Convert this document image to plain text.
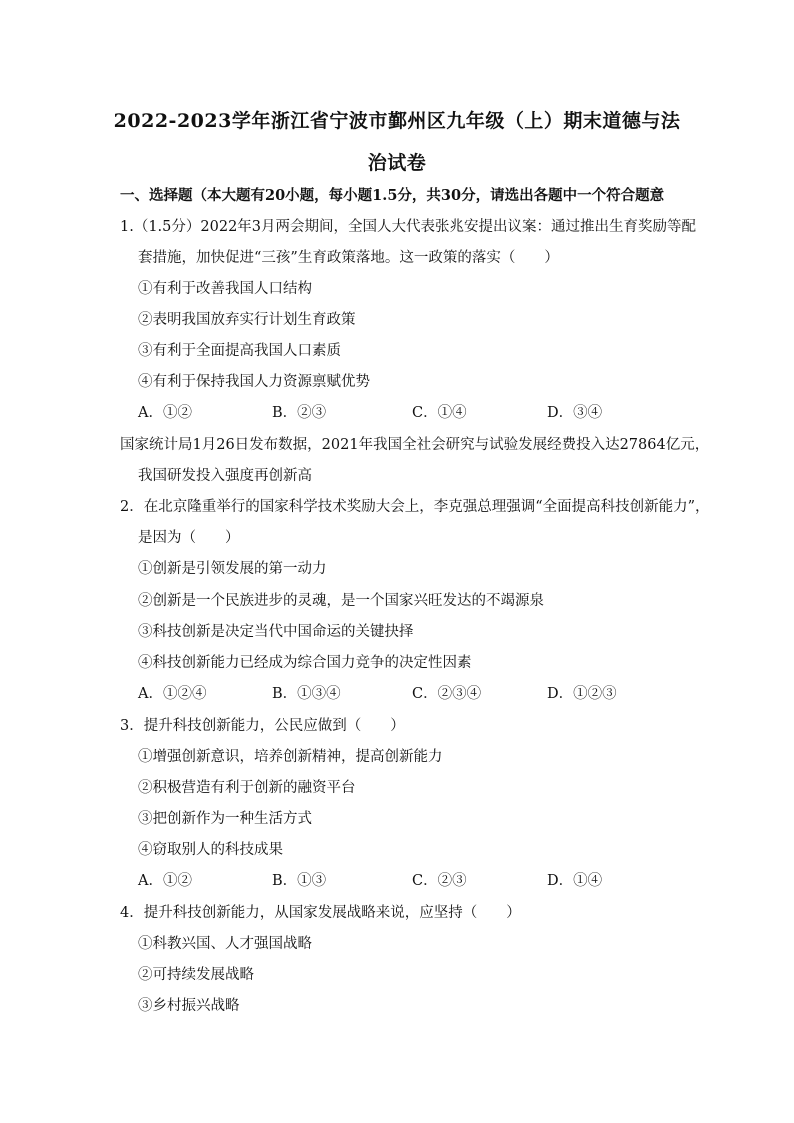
2022-2023学年浙江省宁波市鄞州区九年级（上）期末道德与法
治试卷
一、选择题（本大题有20小题，每小题1.5分，共30分，请选出各题中一个符合题意
1.（1.5分）2022年3月两会期间，全国人大代表张兆安提出议案：通过推出生育奖励等配
套措施，加快促进“三孩”生育政策落地。这一政策的落实（　　）
①有利于改善我国人口结构
②表明我国放弃实行计划生育政策
③有利于全面提高我国人口素质
④有利于保持我国人力资源禀赋优势
A．①②	B．②③	C．①④	D．③④
国家统计局1月26日发布数据，2021年我国全社会研究与试验发展经费投入达27864亿元，
我国研发投入强度再创新高
2．在北京隆重举行的国家科学技术奖励大会上，李克强总理强调“全面提高科技创新能力”，
是因为（　　）
①创新是引领发展的第一动力
②创新是一个民族进步的灵魂，是一个国家兴旺发达的不竭源泉
③科技创新是决定当代中国命运的关键抉择
④科技创新能力已经成为综合国力竞争的决定性因素
A．①②④	B．①③④	C．②③④	D．①②③
3．提升科技创新能力，公民应做到（　　）
①增强创新意识，培养创新精神，提高创新能力
②积极营造有利于创新的融资平台
③把创新作为一种生活方式
④窃取别人的科技成果
A．①②	B．①③	C．②③	D．①④
4．提升科技创新能力，从国家发展战略来说，应坚持（　　）
①科教兴国、人才强国战略
②可持续发展战略
③乡村振兴战略
